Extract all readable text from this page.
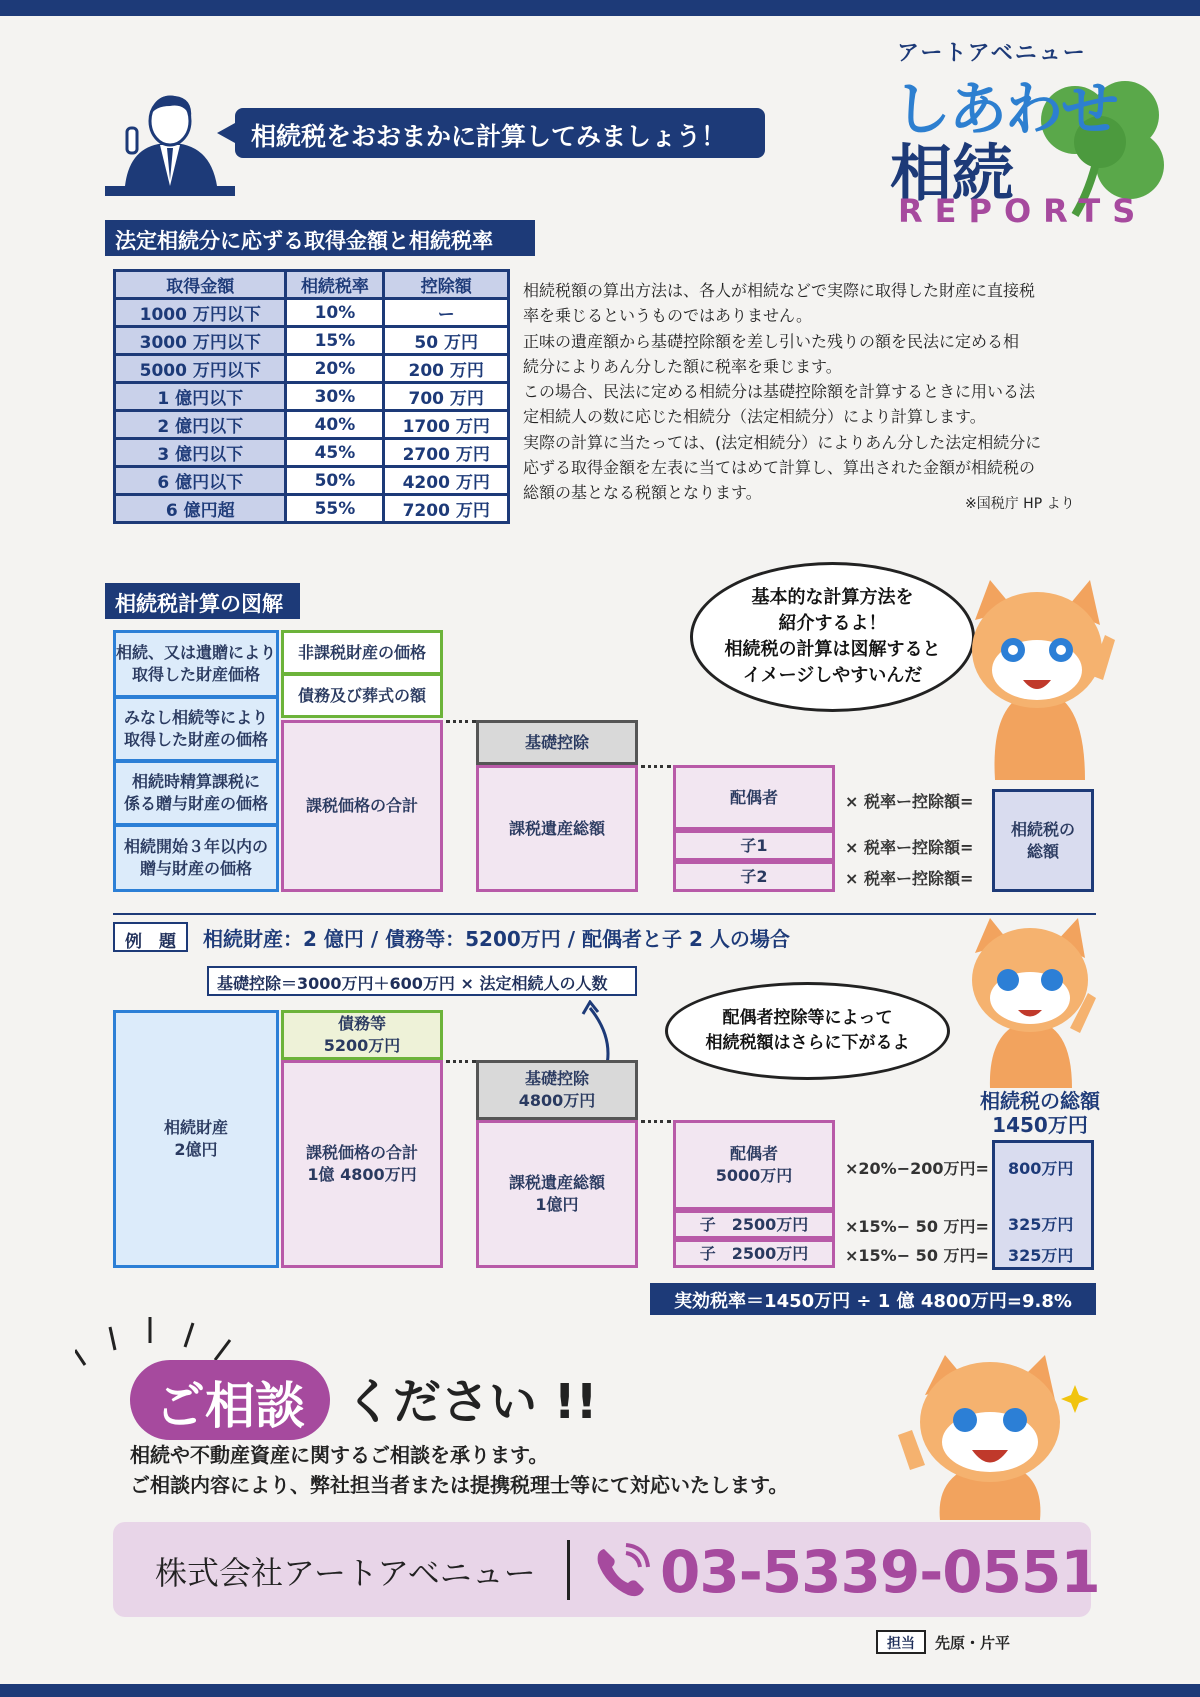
アートアベニュー
しあわせ
相続
REPORTS
相続税をおおまかに計算してみましょう！
法定相続分に応ずる取得金額と相続税率
取得金額	相続税率	控除額
1000 万円以下	10%	ー
3000 万円以下	15%	50 万円
5000 万円以下	20%	200 万円
1 億円以下	30%	700 万円
2 億円以下	40%	1700 万円
3 億円以下	45%	2700 万円
6 億円以下	50%	4200 万円
6 億円超	55%	7200 万円
相続税額の算出方法は、各人が相続などで実際に取得した財産に直接税
率を乗じるというものではありません。
正味の遺産額から基礎控除額を差し引いた残りの額を民法に定める相
続分によりあん分した額に税率を乗じます。
この場合、民法に定める相続分は基礎控除額を計算するときに用いる法
定相続人の数に応じた相続分（法定相続分）により計算します。
実際の計算に当たっては、(法定相続分）によりあん分した法定相続分に
応ずる取得金額を左表に当てはめて計算し、算出された金額が相続税の
総額の基となる税額となります。
※国税庁 HP より
相続税計算の図解	基本的な計算方法を
紹介するよ！
相続税の計算は図解すると
イメージしやすいんだ
相続、又は遺贈により
取得した財産価格
みなし相続等により
取得した財産の価格
相続時精算課税に
係る贈与財産の価格
相続開始３年以内の
贈与財産の価格
非課税財産の価格
債務及び葬式の額
課税価格の合計
基礎控除
課税遺産総額
配偶者
子1
子2
× 税率ー控除額=
× 税率ー控除額=
× 税率ー控除額=
相続税の
総額
例　題	相続財産：2 億円 / 債務等：5200万円 / 配偶者と子 2 人の場合
基礎控除＝3000万円＋600万円 × 法定相続人の人数
配偶者控除等によって
相続税額はさらに下がるよ
相続財産
2億円
債務等
5200万円
課税価格の合計
1億 4800万円
基礎控除
4800万円
課税遺産総額
1億円
配偶者
5000万円
子　2500万円
子　2500万円
×20%−200万円=
×15%− 50 万円=
×15%− 50 万円=
相続税の総額
1450万円
800万円
325万円
325万円
実効税率＝1450万円 ÷ 1 億 4800万円=9.8%
ご相談 ください !!
相続や不動産資産に関するご相談を承ります。
ご相談内容により、弊社担当者または提携税理士等にて対応いたします。
株式会社アートアベニュー 03-5339-0551
担当	先原・片平
